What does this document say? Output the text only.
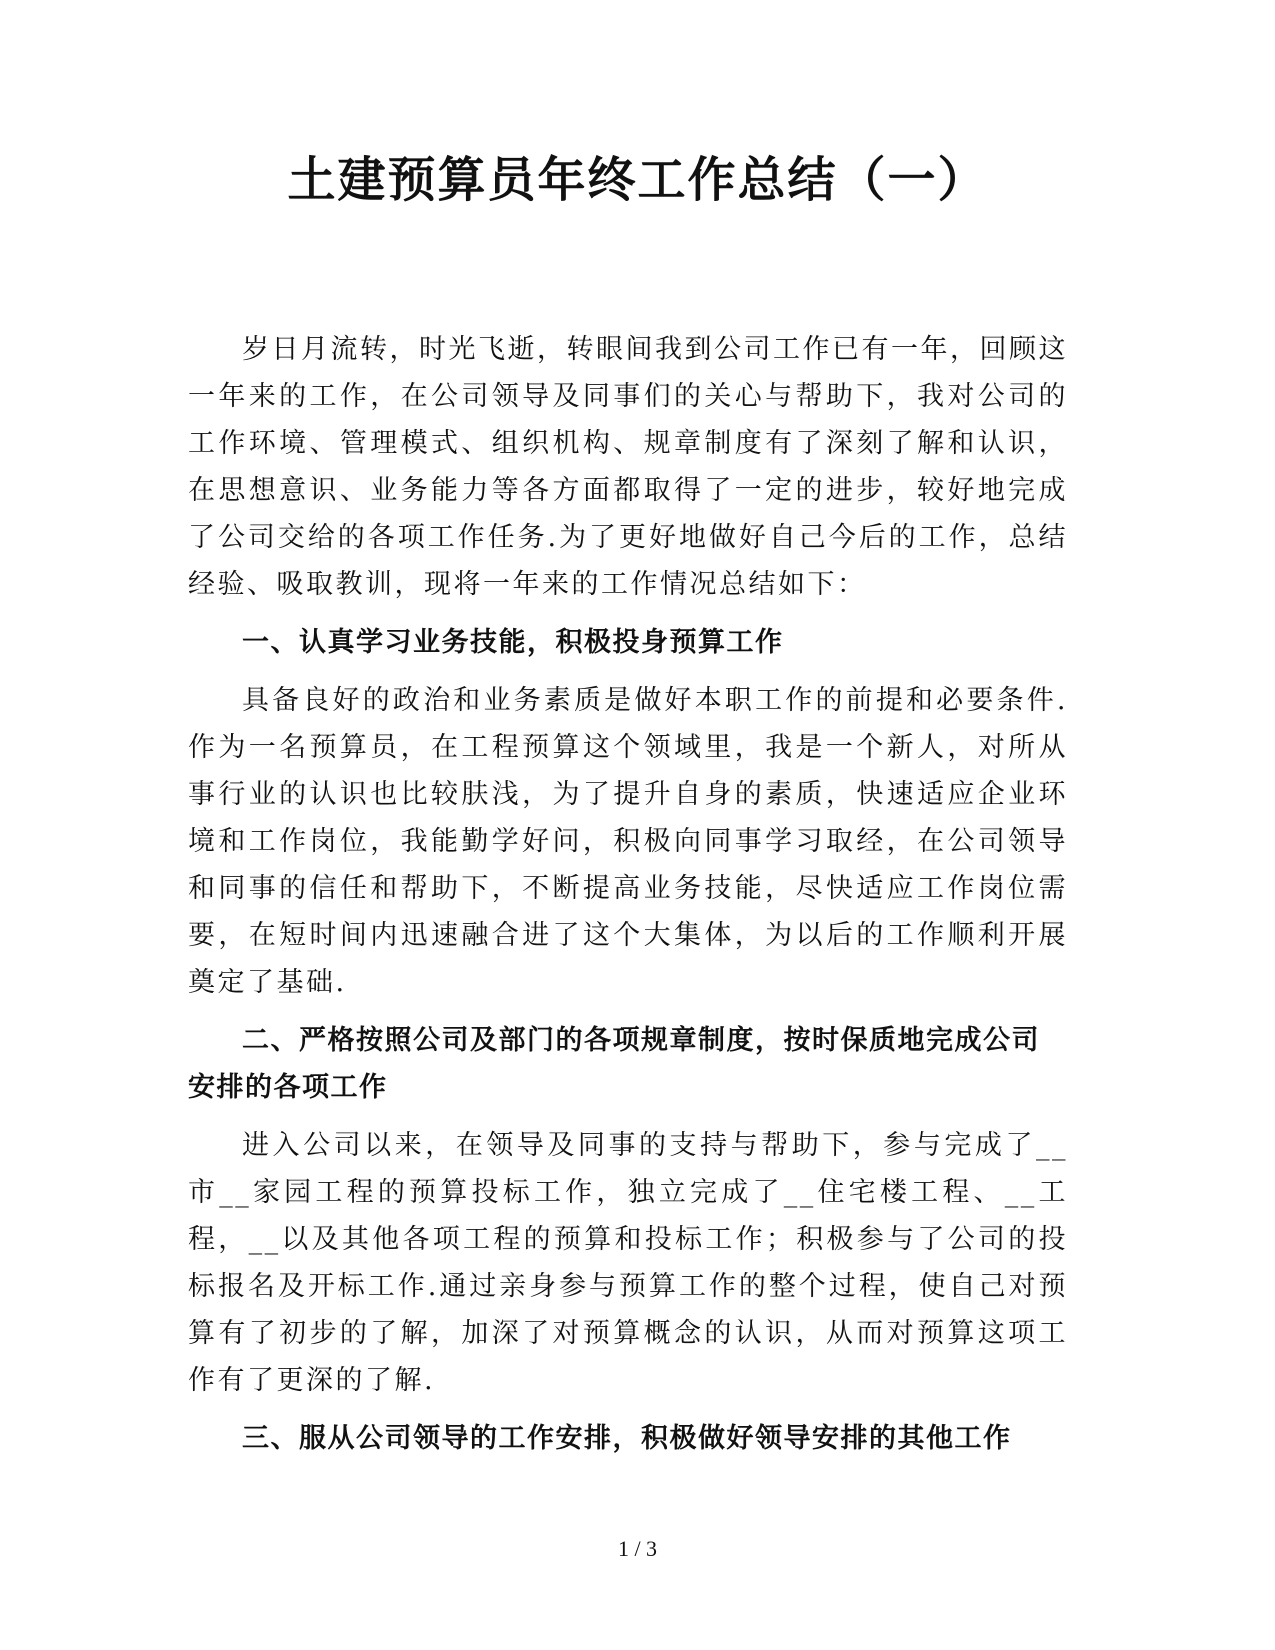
土建预算员年终工作总结（一）

岁日月流转，时光飞逝，转眼间我到公司工作已有一年，回顾这一年来的工作，在公司领导及同事们的关心与帮助下，我对公司的工作环境、管理模式、组织机构、规章制度有了深刻了解和认识，在思想意识、业务能力等各方面都取得了一定的进步，较好地完成了公司交给的各项工作任务.为了更好地做好自己今后的工作，总结经验、吸取教训，现将一年来的工作情况总结如下：

一、认真学习业务技能，积极投身预算工作

具备良好的政治和业务素质是做好本职工作的前提和必要条件.作为一名预算员，在工程预算这个领域里，我是一个新人，对所从事行业的认识也比较肤浅，为了提升自身的素质，快速适应企业环境和工作岗位，我能勤学好问，积极向同事学习取经，在公司领导和同事的信任和帮助下，不断提高业务技能，尽快适应工作岗位需要，在短时间内迅速融合进了这个大集体，为以后的工作顺利开展奠定了基础.

二、严格按照公司及部门的各项规章制度，按时保质地完成公司安排的各项工作

进入公司以来，在领导及同事的支持与帮助下，参与完成了__市__家园工程的预算投标工作，独立完成了__住宅楼工程、__工程，__以及其他各项工程的预算和投标工作；积极参与了公司的投标报名及开标工作.通过亲身参与预算工作的整个过程，使自己对预算有了初步的了解，加深了对预算概念的认识，从而对预算这项工作有了更深的了解.

三、服从公司领导的工作安排，积极做好领导安排的其他工作

1 / 3
